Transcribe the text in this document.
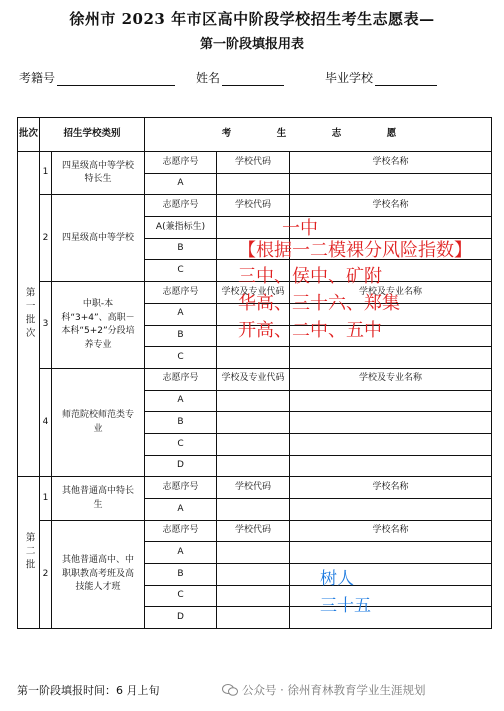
徐州市 2023 年市区高中阶段学校招生考生志愿表—
第一阶段填报用表
考籍号	姓名	毕业学校
批次	招生学校类别		考　生　志　愿		
第一批次	1	四星级高中等学校特长生	志愿序号	学校代码	学校名称
			A		
	2	四星级高中等学校	志愿序号	学校代码	学校名称
			A(兼指标生)		
			B		
			C		
	3	中职-本科“3+4”、高职－本科“5+2”分段培养专业	志愿序号	学校及专业代码	学校及专业名称
			A		
			B		
			C		
	4	师范院校师范类专业	志愿序号	学校及专业代码	学校及专业名称
			A		
			B		
			C		
			D		
第二批	1	其他普通高中特长生	志愿序号	学校代码	学校名称
			A		
	2	其他普通高中、中职职教高考班及高技能人才班	志愿序号	学校代码	学校名称
			A		
			B		
			C		
			D		
一中
【根据一二模裸分风险指数】
三中、侯中、矿附
华高、三十六、郑集
开高、二中、五中
树人
三十五
第一阶段填报时间：6 月上旬	公众号 · 徐州育林教育学业生涯规划
